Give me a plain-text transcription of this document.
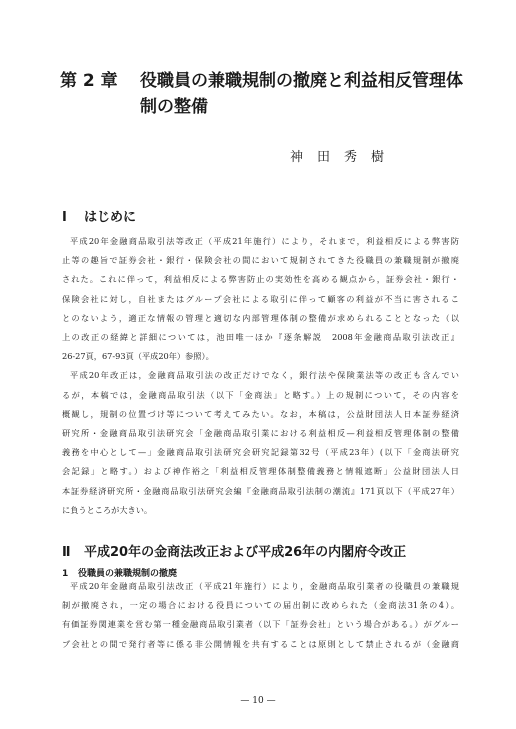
第 2 章 役職員の兼職規制の撤廃と利益相反管理体
制の整備
神田秀樹
Ⅰ はじめに
平成20年金融商品取引法等改正（平成21年施行）により，それまで，利益相反による弊害防
止等の趣旨で証券会社・銀行・保険会社の間において規制されてきた役職員の兼職規制が撤廃
された。これに伴って，利益相反による弊害防止の実効性を高める観点から，証券会社・銀行・
保険会社に対し，自社またはグループ会社による取引に伴って顧客の利益が不当に害されるこ
とのないよう，適正な情報の管理と適切な内部管理体制の整備が求められることとなった（以
上の改正の経緯と詳細については，池田唯一ほか『逐条解説　2008年金融商品取引法改正』
26-27頁，67-93頁（平成20年）参照）。
平成20年改正は，金融商品取引法の改正だけでなく，銀行法や保険業法等の改正も含んでい
るが，本稿では，金融商品取引法（以下「金商法」と略す。）上の規制について，その内容を
概観し，規制の位置づけ等について考えてみたい。なお，本稿は，公益財団法人日本証券経済
研究所・金融商品取引法研究会「金融商品取引業における利益相反—利益相反管理体制の整備
義務を中心として—」金融商品取引法研究会研究記録第32号（平成23年）(以下「金商法研究
会記録」と略す。）および神作裕之「利益相反管理体制整備義務と情報遮断」公益財団法人日
本証券経済研究所・金融商品取引法研究会編『金融商品取引法制の潮流』171頁以下（平成27年）
に負うところが大きい。
Ⅱ 平成20年の金商法改正および平成26年の内閣府令改正
1 役職員の兼職規制の撤廃
平成20年金融商品取引法改正（平成21年施行）により，金融商品取引業者の役職員の兼職規
制が撤廃され，一定の場合における役員についての届出制に改められた（金商法31条の4）。
有価証券関連業を営む第一種金融商品取引業者（以下「証券会社」という場合がある。）がグルー
プ会社との間で発行者等に係る非公開情報を共有することは原則として禁止されるが（金融商
— 10 —
